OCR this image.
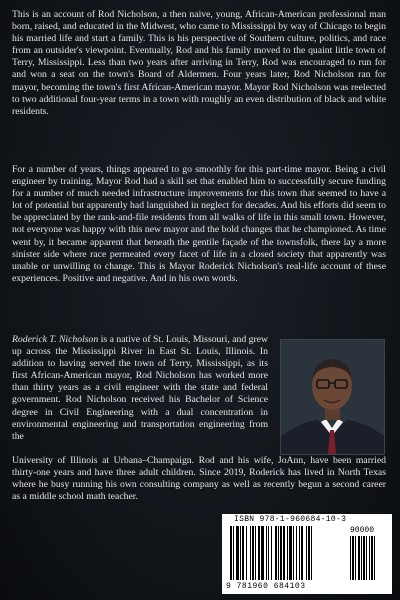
This is an account of Rod Nicholson, a then naive, young, African-American professional man born, raised, and educated in the Midwest, who came to Mississippi by way of Chicago to begin his married life and start a family. This is his perspective of Southern culture, politics, and race from an outsider's viewpoint. Eventually, Rod and his family moved to the quaint little town of Terry, Mississippi. Less than two years after arriving in Terry, Rod was encouraged to run for and won a seat on the town's Board of Aldermen. Four years later, Rod Nicholson ran for mayor, becoming the town's first African-American mayor. Mayor Rod Nicholson was reelected to two additional four-year terms in a town with roughly an even distribution of black and white residents.

For a number of years, things appeared to go smoothly for this part-time mayor. Being a civil engineer by training, Mayor Rod had a skill set that enabled him to successfully secure funding for a number of much needed infrastructure improvements for this town that seemed to have a lot of potential but apparently had languished in neglect for decades. And his efforts did seem to be appreciated by the rank-and-file residents from all walks of life in this small town. However, not everyone was happy with this new mayor and the bold changes that he championed. As time went by, it became apparent that beneath the gentile façade of the townsfolk, there lay a more sinister side where race permeated every facet of life in a closed society that apparently was unable or unwilling to change. This is Mayor Roderick Nicholson's real-life account of these experiences. Positive and negative. And in his own words.

Roderick T. Nicholson is a native of St. Louis, Missouri, and grew up across the Mississippi River in East St. Louis, Illinois. In addition to having served the town of Terry, Mississippi, as its first African-American mayor, Rod Nicholson has worked more than thirty years as a civil engineer with the state and federal government. Rod Nicholson received his Bachelor of Science degree in Civil Engineering with a dual concentration in environmental engineering and transportation engineering from the

University of Illinois at Urbana–Champaign. Rod and his wife, JoAnn, have been married thirty-one years and have three adult children. Since 2019, Roderick has lived in North Texas where he busy running his own consulting company as well as recently begun a second career as a middle school math teacher.

ISBN 978-1-960684-10-3
90000
9 781960 684103
